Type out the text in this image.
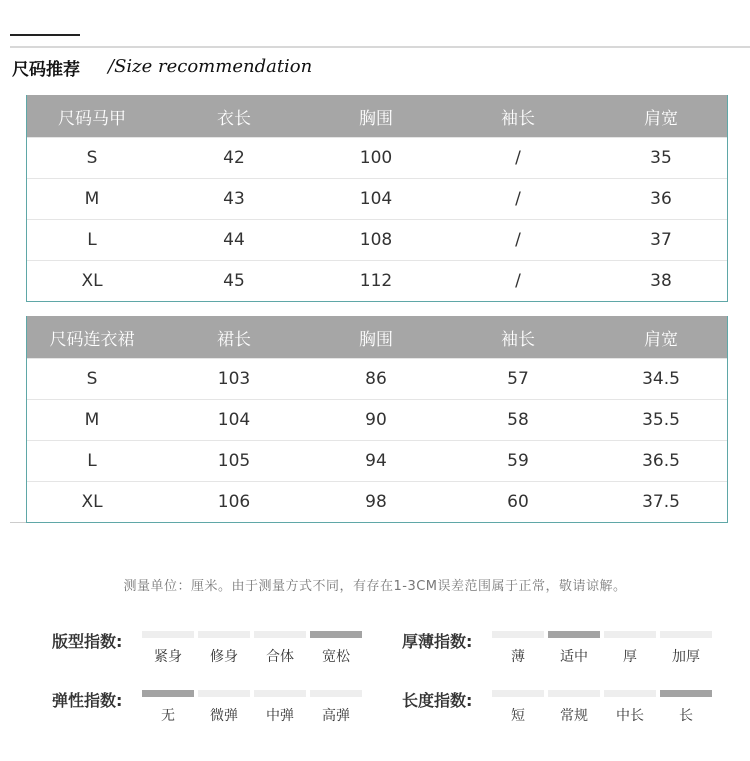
尺码推荐 /Size recommendation
尺码马甲	衣长	胸围	袖长	肩宽
S	42	100	/	35
M	43	104	/	36
L	44	108	/	37
XL	45	112	/	38
尺码连衣裙	裙长	胸围	袖长	肩宽
S	103	86	57	34.5
M	104	90	58	35.5
L	105	94	59	36.5
XL	106	98	60	37.5
测量单位：厘米。由于测量方式不同，有存在1-3CM误差范围属于正常，敬请谅解。
版型指数:
紧身 修身 合体 宽松
厚薄指数:
薄	适中	厚	加厚
弹性指数:
无	微弹 中弹 高弹
长度指数:
短	常规 中长	长
